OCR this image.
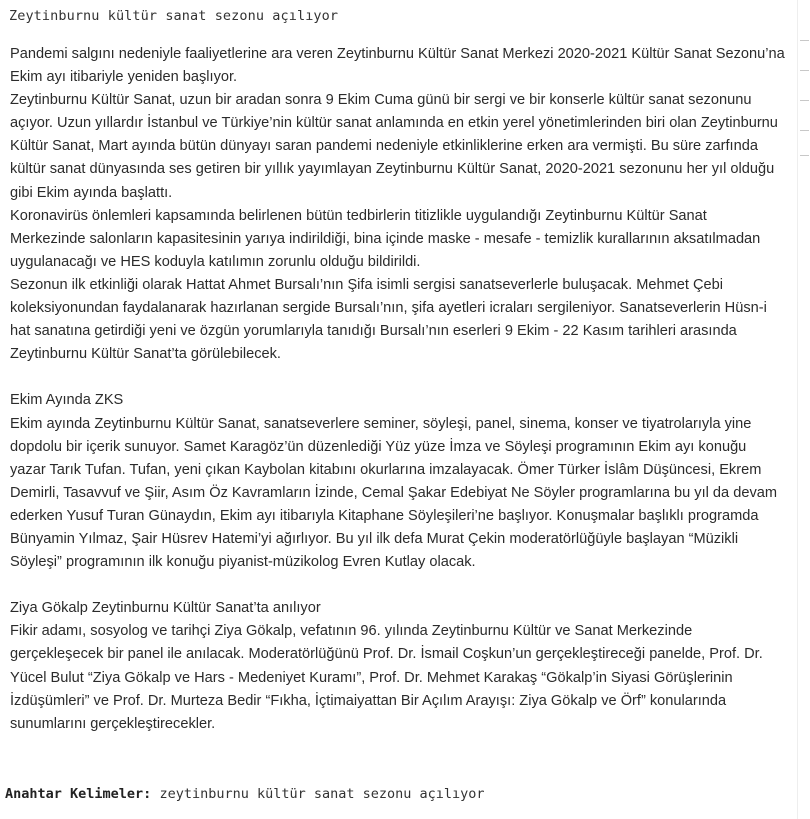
Zeytinburnu kültür sanat sezonu açılıyor

Pandemi salgını nedeniyle faaliyetlerine ara veren Zeytinburnu Kültür Sanat Merkezi 2020-2021 Kültür Sanat Sezonu’na Ekim ayı itibariyle yeniden başlıyor.

Zeytinburnu Kültür Sanat, uzun bir aradan sonra 9 Ekim Cuma günü bir sergi ve bir konserle kültür sanat sezonunu açıyor. Uzun yıllardır İstanbul ve Türkiye’nin kültür sanat anlamında en etkin yerel yönetimlerinden biri olan Zeytinburnu Kültür Sanat, Mart ayında bütün dünyayı saran pandemi nedeniyle etkinliklerine erken ara vermişti. Bu süre zarfında kültür sanat dünyasında ses getiren bir yıllık yayımlayan Zeytinburnu Kültür Sanat, 2020-2021 sezonunu her yıl olduğu gibi Ekim ayında başlattı.

Koronavirüs önlemleri kapsamında belirlenen bütün tedbirlerin titizlikle uygulandığı Zeytinburnu Kültür Sanat Merkezinde salonların kapasitesinin yarıya indirildiği, bina içinde maske - mesafe - temizlik kurallarının aksatılmadan uygulanacağı ve HES koduyla katılımın zorunlu olduğu bildirildi.

Sezonun ilk etkinliği olarak Hattat Ahmet Bursalı’nın Şifa isimli sergisi sanatseverlerle buluşacak. Mehmet Çebi koleksiyonundan faydalanarak hazırlanan sergide Bursalı’nın, şifa ayetleri icraları sergileniyor. Sanatseverlerin Hüsn-i hat sanatına getirdiği yeni ve özgün yorumlarıyla tanıdığı Bursalı’nın eserleri 9 Ekim - 22 Kasım tarihleri arasında Zeytinburnu Kültür Sanat’ta görülebilecek.

Ekim Ayında ZKS

Ekim ayında Zeytinburnu Kültür Sanat, sanatseverlere seminer, söyleşi, panel, sinema, konser ve tiyatrolarıyla yine dopdolu bir içerik sunuyor. Samet Karagöz’ün düzenlediği Yüz yüze İmza ve Söyleşi programının Ekim ayı konuğu yazar Tarık Tufan. Tufan, yeni çıkan Kaybolan kitabını okurlarına imzalayacak. Ömer Türker İslâm Düşüncesi, Ekrem Demirli, Tasavvuf ve Şiir, Asım Öz Kavramların İzinde, Cemal Şakar Edebiyat Ne Söyler programlarına bu yıl da devam ederken Yusuf Turan Günaydın, Ekim ayı itibarıyla Kitaphane Söyleşileri’ne başlıyor. Konuşmalar başlıklı programda Bünyamin Yılmaz, Şair Hüsrev Hatemi’yi ağırlıyor. Bu yıl ilk defa Murat Çekin moderatörlüğüyle başlayan “Müzikli Söyleşi” programının ilk konuğu piyanist-müzikolog Evren Kutlay olacak.

Ziya Gökalp Zeytinburnu Kültür Sanat’ta anılıyor

Fikir adamı, sosyolog ve tarihçi Ziya Gökalp, vefatının 96. yılında Zeytinburnu Kültür ve Sanat Merkezinde gerçekleşecek bir panel ile anılacak. Moderatörlüğünü Prof. Dr. İsmail Coşkun’un gerçekleştireceği panelde, Prof. Dr. Yücel Bulut “Ziya Gökalp ve Hars - Medeniyet Kuramı”, Prof. Dr. Mehmet Karakaş “Gökalp’in Siyasi Görüşlerinin İzdüşümleri” ve Prof. Dr. Murteza Bedir “Fıkha, İçtimaiyattan Bir Açılım Arayışı: Ziya Gökalp ve Örf” konularında sunumlarını gerçekleştirecekler.

Anahtar Kelimeler: zeytinburnu kültür sanat sezonu açılıyor
